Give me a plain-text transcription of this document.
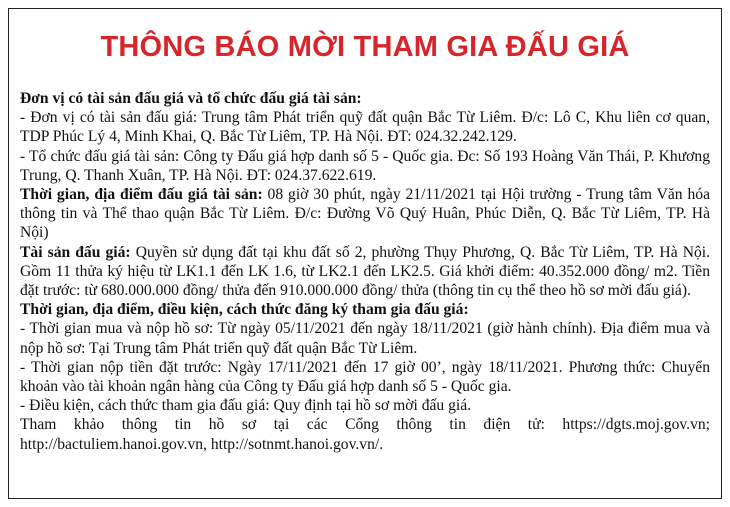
THÔNG BÁO MỜI THAM GIA ĐẤU GIÁ

Đơn vị có tài sản đấu giá và tổ chức đấu giá tài sản:

- Đơn vị có tài sản đấu giá: Trung tâm Phát triển quỹ đất quận Bắc Từ Liêm. Đ/c: Lô C, Khu liên cơ quan, TDP Phúc Lý 4, Minh Khai, Q. Bắc Từ Liêm, TP. Hà Nội. ĐT: 024.32.242.129.

- Tổ chức đấu giá tài sản: Công ty Đấu giá hợp danh số 5 - Quốc gia. Đc: Số 193 Hoàng Văn Thái, P. Khương Trung, Q. Thanh Xuân, TP. Hà Nội. ĐT: 024.37.622.619.

Thời gian, địa điểm đấu giá tài sản: 08 giờ 30 phút, ngày 21/11/2021 tại Hội trường - Trung tâm Văn hóa thông tin và Thể thao quận Bắc Từ Liêm. Đ/c: Đường Võ Quý Huân, Phúc Diễn, Q. Bắc Từ Liêm, TP. Hà Nội)

Tài sản đấu giá: Quyền sử dụng đất tại khu đất số 2, phường Thụy Phương, Q. Bắc Từ Liêm, TP. Hà Nội. Gồm 11 thửa ký hiệu từ LK1.1 đến LK 1.6, từ LK2.1 đến LK2.5. Giá khởi điểm: 40.352.000 đồng/ m2. Tiền đặt trước: từ 680.000.000 đồng/ thửa đến 910.000.000 đồng/ thửa (thông tin cụ thể theo hồ sơ mời đấu giá).

Thời gian, địa điểm, điều kiện, cách thức đăng ký tham gia đấu giá:

- Thời gian mua và nộp hồ sơ: Từ ngày 05/11/2021 đến ngày 18/11/2021 (giờ hành chính). Địa điểm mua và nộp hồ sơ: Tại Trung tâm Phát triển quỹ đất quận Bắc Từ Liêm.

- Thời gian nộp tiền đặt trước: Ngày 17/11/2021 đến 17 giờ 00’, ngày 18/11/2021. Phương thức: Chuyển khoản vào tài khoản ngân hàng của Công ty Đấu giá hợp danh số 5 - Quốc gia.

- Điều kiện, cách thức tham gia đấu giá: Quy định tại hồ sơ mời đấu giá.

Tham khảo thông tin hồ sơ tại các Cổng thông tin điện tử: https://dgts.moj.gov.vn; http://bactuliem.hanoi.gov.vn, http://sotnmt.hanoi.gov.vn/.
